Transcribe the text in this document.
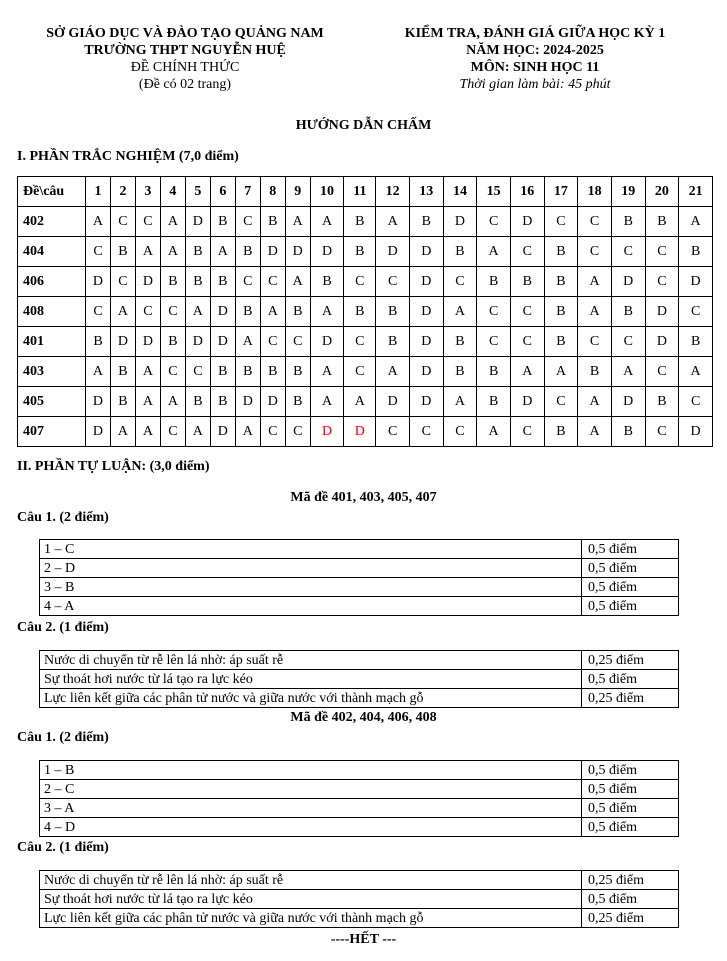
SỞ GIÁO DỤC VÀ ĐÀO TẠO QUẢNG NAM
TRƯỜNG THPT NGUYỄN HUỆ
ĐỀ CHÍNH THỨC
(Đề có 02 trang)
KIỂM TRA, ĐÁNH GIÁ GIỮA HỌC KỲ 1
NĂM HỌC: 2024-2025
MÔN: SINH HỌC 11
Thời gian làm bài: 45 phút
HƯỚNG DẪN CHẤM
I. PHẦN TRẮC NGHIỆM (7,0 điểm)
Đề\câu	1	2	3	4	5	6	7	8	9	10	11	12	13	14	15	16	17	18	19	20	21
402	A	C	C	A	D	B	C	B	A	A	B	A	B	D	C	D	C	C	B	B	A
404	C	B	A	A	B	A	B	D	D	D	B	D	D	B	A	C	B	C	C	C	B
406	D	C	D	B	B	B	C	C	A	B	C	C	D	C	B	B	B	A	D	C	D
408	C	A	C	C	A	D	B	A	B	A	B	B	D	A	C	C	B	A	B	D	C
401	B	D	D	B	D	D	A	C	C	D	C	B	D	B	C	C	B	C	C	D	B
403	A	B	A	C	C	B	B	B	B	A	C	A	D	B	B	A	A	B	A	C	A
405	D	B	A	A	B	B	D	D	B	A	A	D	D	A	B	D	C	A	D	B	C
407	D	A	A	C	A	D	A	C	C	D	D	C	C	C	A	C	B	A	B	C	D
II. PHẦN TỰ LUẬN: (3,0 điểm)
Mã đề 401, 403, 405, 407
Câu 1. (2 điểm)
1 – C	0,5 điểm
2 – D	0,5 điểm
3 – B	0,5 điểm
4 – A	0,5 điểm
Câu 2. (1 điểm)
Nước di chuyển từ rễ lên lá nhờ: áp suất rễ	0,25 điểm
Sự thoát hơi nước từ lá tạo ra lực kéo	0,5 điểm
Lực liên kết giữa các phân tử nước và giữa nước với thành mạch gỗ	0,25 điểm
Mã đề 402, 404, 406, 408
Câu 1. (2 điểm)
1 – B	0,5 điểm
2 – C	0,5 điểm
3 – A	0,5 điểm
4 – D	0,5 điểm
Câu 2. (1 điểm)
Nước di chuyển từ rễ lên lá nhờ: áp suất rễ	0,25 điểm
Sự thoát hơi nước từ lá tạo ra lực kéo	0,5 điểm
Lực liên kết giữa các phân tử nước và giữa nước với thành mạch gỗ	0,25 điểm
----HẾT ---
